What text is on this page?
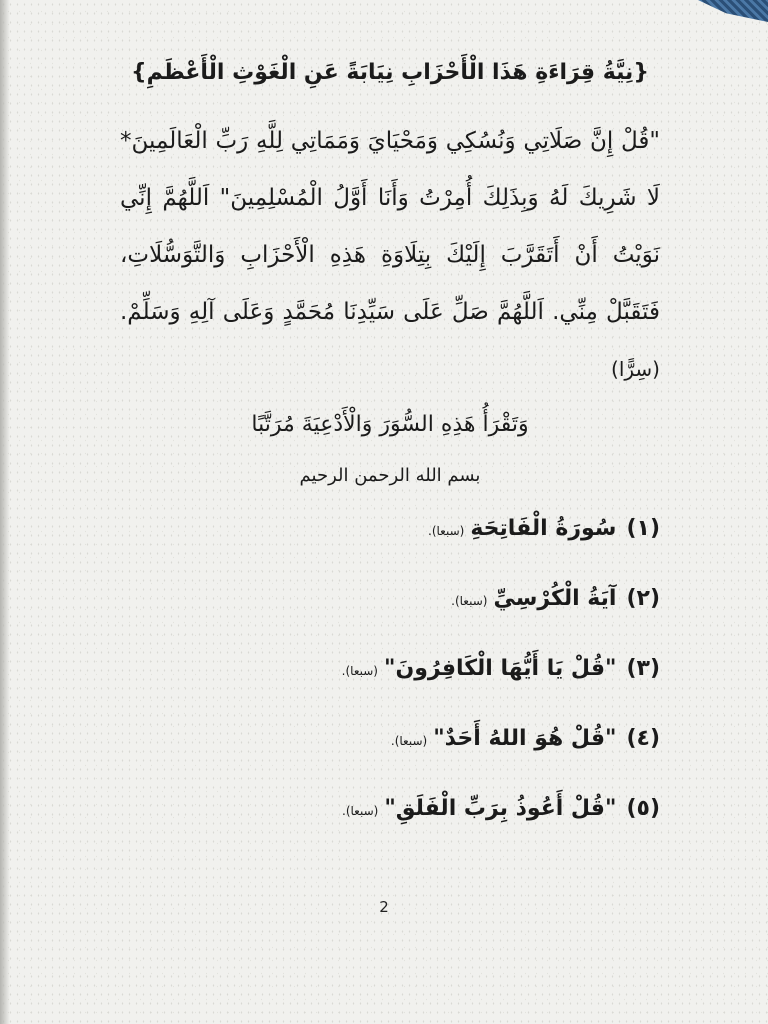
{نِيَّةُ قِرَاءَةِ هَذَا الْأَحْزَابِ نِيَابَةً عَنِ الْغَوْثِ الْأَعْظَمِ}

"قُلْ إِنَّ صَلَاتِي وَنُسُكِي وَمَحْيَايَ وَمَمَاتِي لِلَّهِ رَبِّ الْعَالَمِينَ* لَا شَرِيكَ لَهُ وَبِذَلِكَ أُمِرْتُ وَأَنَا أَوَّلُ الْمُسْلِمِينَ" اَللَّهُمَّ إِنِّي نَوَيْتُ أَنْ أَتَقَرَّبَ إِلَيْكَ بِتِلَاوَةِ هَذِهِ الْأَحْزَابِ وَالتَّوَسُّلَاتِ، فَتَقَبَّلْ مِنِّي. اَللَّهُمَّ صَلِّ عَلَى سَيِّدِنَا مُحَمَّدٍ وَعَلَى آلِهِ وَسَلِّمْ. (سِرًّا)

وَتَقْرَأُ هَذِهِ السُّوَرَ وَالْأَدْعِيَةَ مُرَتَّبًا
بسم الله الرحمن الرحيم
(١)
سُورَةُ الْفَاتِحَةِ
(سبعا).
(٢)
آيَةُ الْكُرْسِيِّ
(سبعا).
(٣)
"قُلْ يَا أَيُّهَا الْكَافِرُونَ"
(سبعا).
(٤)
"قُلْ هُوَ اللهُ أَحَدٌ"
(سبعا).
(٥)
"قُلْ أَعُوذُ بِرَبِّ الْفَلَقِ"
(سبعا).
2
